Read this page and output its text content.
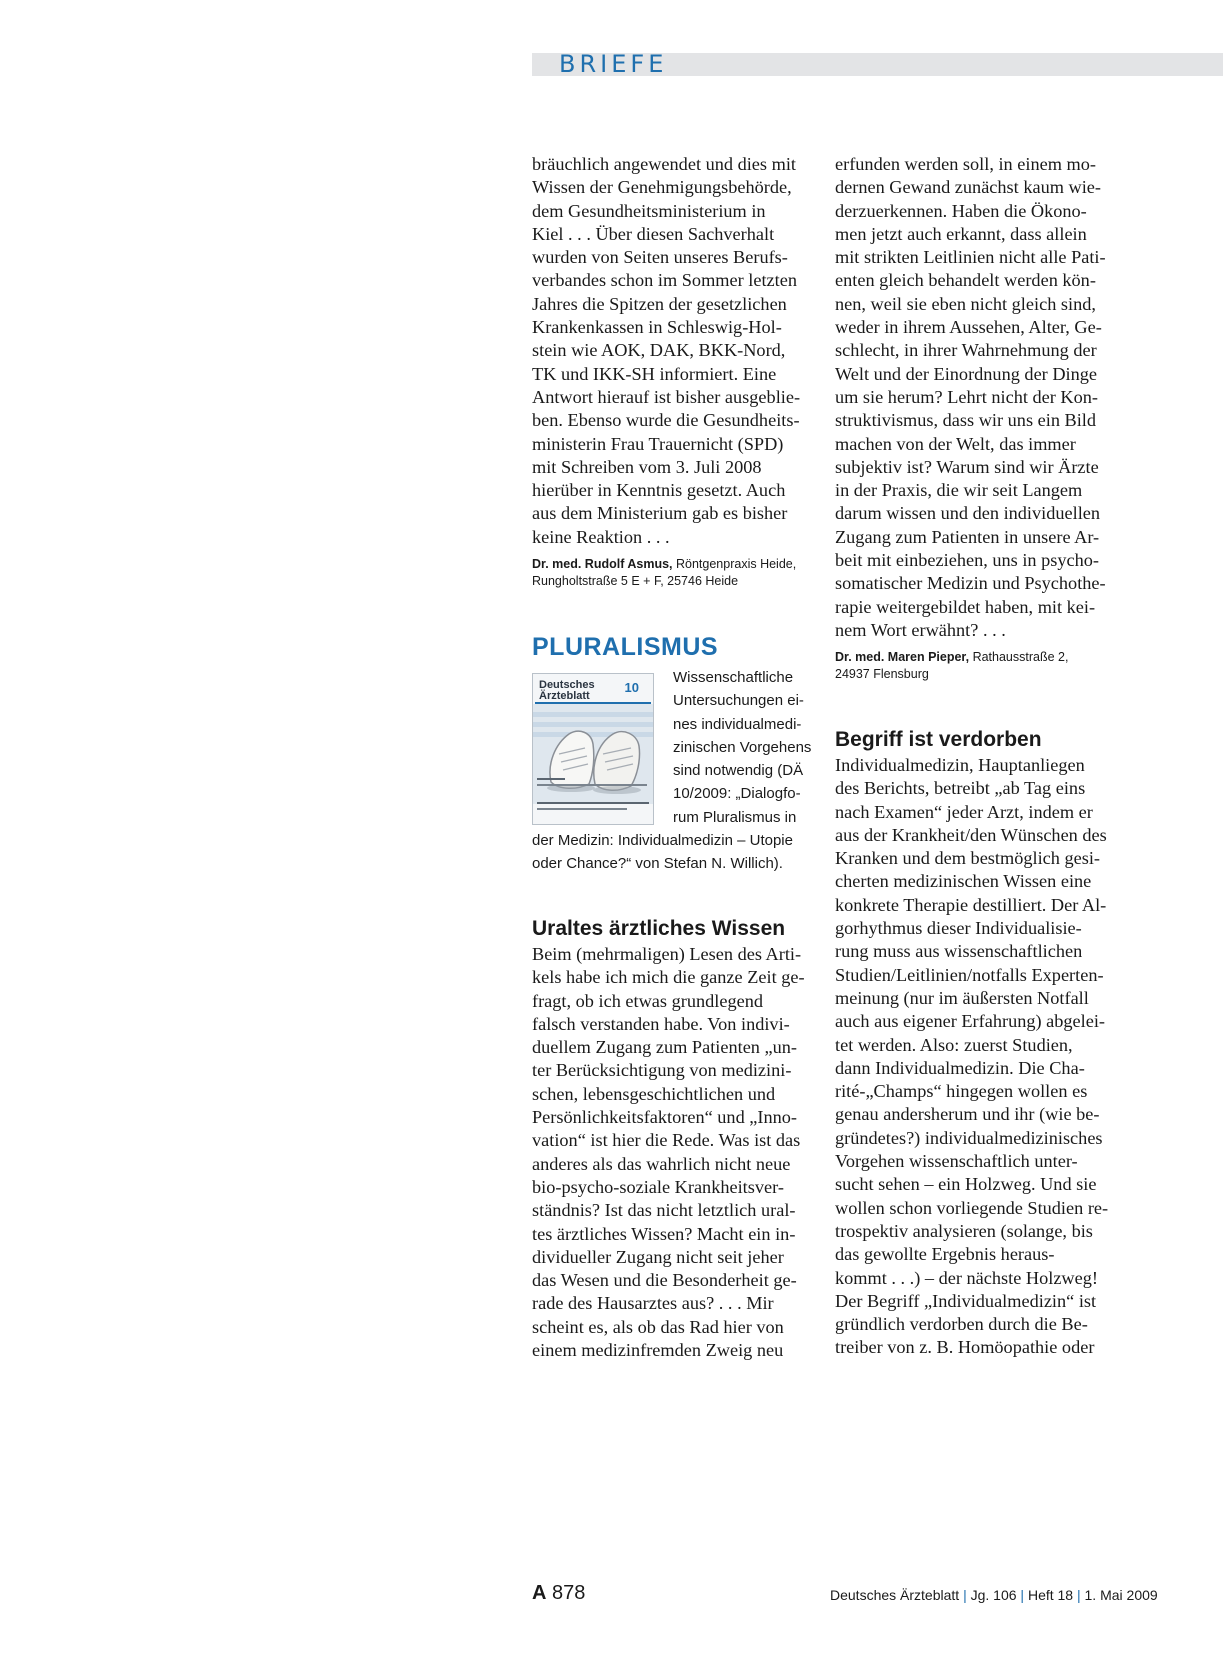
BRIEFE

bräuchlich angewendet und dies mit
Wissen der Genehmigungsbehörde,
dem Gesundheitsministerium in
Kiel . . . Über diesen Sachverhalt
wurden von Seiten unseres Berufs-
verbandes schon im Sommer letzten
Jahres die Spitzen der gesetzlichen
Krankenkassen in Schleswig-Hol-
stein wie AOK, DAK, BKK-Nord,
TK und IKK-SH informiert. Eine
Antwort hierauf ist bisher ausgeblie-
ben. Ebenso wurde die Gesundheits-
ministerin Frau Trauernicht (SPD)
mit Schreiben vom 3. Juli 2008
hierüber in Kenntnis gesetzt. Auch
aus dem Ministerium gab es bisher
keine Reaktion . . .

Dr. med. Rudolf Asmus, Röntgenpraxis Heide,
Rungholtstraße 5 E + F, 25746 Heide

PLURALISMUS
Deutsches
Ärzteblatt
10
Wissenschaftliche
Untersuchungen ei-
nes individualmedi-
zinischen Vorgehens
sind notwendig (DÄ
10/2009: „Dialogfo-
rum Pluralismus in
der Medizin: Individualmedizin – Utopie
oder Chance?“ von Stefan N. Willich).
Uraltes ärztliches Wissen

Beim (mehrmaligen) Lesen des Arti-
kels habe ich mich die ganze Zeit ge-
fragt, ob ich etwas grundlegend
falsch verstanden habe. Von indivi-
duellem Zugang zum Patienten „un-
ter Berücksichtigung von medizini-
schen, lebensgeschichtlichen und
Persönlichkeitsfaktoren“ und „Inno-
vation“ ist hier die Rede. Was ist das
anderes als das wahrlich nicht neue
bio-psycho-soziale Krankheitsver-
ständnis? Ist das nicht letztlich ural-
tes ärztliches Wissen? Macht ein in-
dividueller Zugang nicht seit jeher
das Wesen und die Besonderheit ge-
rade des Hausarztes aus? . . . Mir
scheint es, als ob das Rad hier von
einem medizinfremden Zweig neu

erfunden werden soll, in einem mo-
dernen Gewand zunächst kaum wie-
derzuerkennen. Haben die Ökono-
men jetzt auch erkannt, dass allein
mit strikten Leitlinien nicht alle Pati-
enten gleich behandelt werden kön-
nen, weil sie eben nicht gleich sind,
weder in ihrem Aussehen, Alter, Ge-
schlecht, in ihrer Wahrnehmung der
Welt und der Einordnung der Dinge
um sie herum? Lehrt nicht der Kon-
struktivismus, dass wir uns ein Bild
machen von der Welt, das immer
subjektiv ist? Warum sind wir Ärzte
in der Praxis, die wir seit Langem
darum wissen und den individuellen
Zugang zum Patienten in unsere Ar-
beit mit einbeziehen, uns in psycho-
somatischer Medizin und Psychothe-
rapie weitergebildet haben, mit kei-
nem Wort erwähnt? . . .

Dr. med. Maren Pieper, Rathausstraße 2,
24937 Flensburg

Begriff ist verdorben

Individualmedizin, Hauptanliegen
des Berichts, betreibt „ab Tag eins
nach Examen“ jeder Arzt, indem er
aus der Krankheit/den Wünschen des
Kranken und dem bestmöglich gesi-
cherten medizinischen Wissen eine
konkrete Therapie destilliert. Der Al-
gorhythmus dieser Individualisie-
rung muss aus wissenschaftlichen
Studien/Leitlinien/notfalls Experten-
meinung (nur im äußersten Notfall
auch aus eigener Erfahrung) abgelei-
tet werden. Also: zuerst Studien,
dann Individualmedizin. Die Cha-
rité-„Champs“ hingegen wollen es
genau andersherum und ihr (wie be-
gründetes?) individualmedizinisches
Vorgehen wissenschaftlich unter-
sucht sehen – ein Holzweg. Und sie
wollen schon vorliegende Studien re-
trospektiv analysieren (solange, bis
das gewollte Ergebnis heraus-
kommt . . .) – der nächste Holzweg!
Der Begriff „Individualmedizin“ ist
gründlich verdorben durch die Be-
treiber von z. B. Homöopathie oder

A 878	Deutsches Ärzteblatt | Jg. 106 | Heft 18 | 1. Mai 2009
